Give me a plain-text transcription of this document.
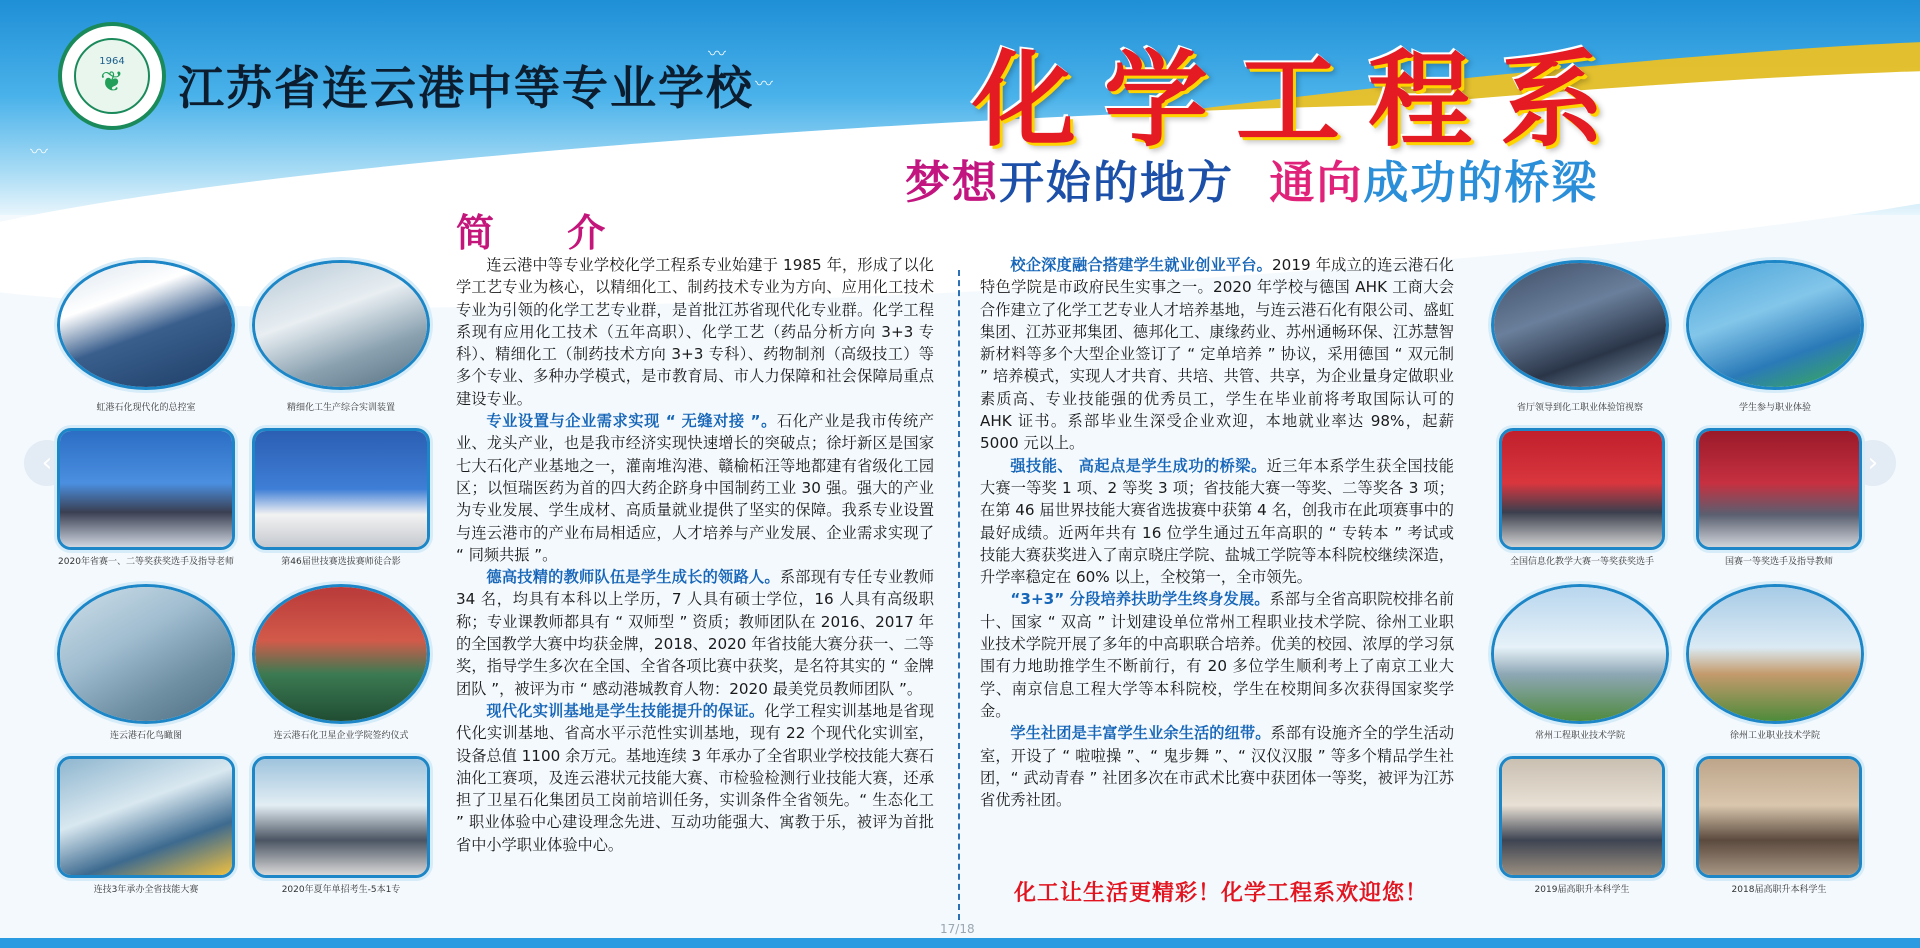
〰
〰
〰
1964
❦ 江苏省连云港中等专业学校 化学工程系
梦想开始的地方 通向成功的桥梁
‹	›
虹港石化现代化的总控室	精细化工生产综合实训装置
2020年省赛一、二等奖获奖选手及指导老师	第46届世技赛选拔赛师徒合影
连云港石化鸟瞰图	连云港石化卫星企业学院签约仪式
连技3年承办全省技能大赛	2020年夏年单招考生-5本1专
简 介

连云港中等专业学校化学工程系专业始建于 1985 年，形成了以化学工艺专业为核心，以精细化工、制药技术专业为方向、应用化工技术专业为引领的化学工艺专业群，是首批江苏省现代化专业群。化学工程系现有应用化工技术（五年高职）、化学工艺（药品分析方向 3+3 专科）、精细化工（制药技术方向 3+3 专科）、药物制剂（高级技工）等多个专业、多种办学模式，是市教育局、市人力保障和社会保障局重点建设专业。

专业设置与企业需求实现 “ 无缝对接 ”。石化产业是我市传统产业、龙头产业，也是我市经济实现快速增长的突破点；徐圩新区是国家七大石化产业基地之一，灌南堆沟港、赣榆柘汪等地都建有省级化工园区；以恒瑞医药为首的四大药企跻身中国制药工业 30 强。强大的产业为专业发展、学生成材、高质量就业提供了坚实的保障。我系专业设置与连云港市的产业布局相适应，人才培养与产业发展、企业需求实现了 “ 同频共振 ”。

德高技精的教师队伍是学生成长的领路人。系部现有专任专业教师 34 名，均具有本科以上学历，7 人具有硕士学位，16 人具有高级职称；专业课教师都具有 “ 双师型 ” 资质；教师团队在 2016、2017 年的全国教学大赛中均获金牌，2018、2020 年省技能大赛分获一、二等奖，指导学生多次在全国、全省各项比赛中获奖，是名符其实的 “ 金牌团队 ”，被评为市 “ 感动港城教育人物：2020 最美党员教师团队 ”。

现代化实训基地是学生技能提升的保证。化学工程实训基地是省现代化实训基地、省高水平示范性实训基地，现有 22 个现代化实训室，设备总值 1100 余万元。基地连续 3 年承办了全省职业学校技能大赛石油化工赛项，及连云港状元技能大赛、市检验检测行业技能大赛，还承担了卫星石化集团员工岗前培训任务，实训条件全省领先。“ 生态化工 ” 职业体验中心建设理念先进、互动功能强大、寓教于乐，被评为首批省中小学职业体验中心。

校企深度融合搭建学生就业创业平台。2019 年成立的连云港石化特色学院是市政府民生实事之一。2020 年学校与德国 AHK 工商大会合作建立了化学工艺专业人才培养基地，与连云港石化有限公司、盛虹集团、江苏亚邦集团、德邦化工、康缘药业、苏州通畅环保、江苏慧智新材料等多个大型企业签订了 “ 定单培养 ” 协议，采用德国 “ 双元制 ” 培养模式，实现人才共育、共培、共管、共享，为企业量身定做职业素质高、专业技能强的优秀员工，学生在毕业前将考取国际认可的 AHK 证书。系部毕业生深受企业欢迎，本地就业率达 98%，起薪 5000 元以上。

强技能、 高起点是学生成功的桥梁。近三年本系学生获全国技能大赛一等奖 1 项、2 等奖 3 项；省技能大赛一等奖、二等奖各 3 项；在第 46 届世界技能大赛省选拔赛中获第 4 名，创我市在此项赛事中的最好成绩。近两年共有 16 位学生通过五年高职的 “ 专转本 ” 考试或技能大赛获奖进入了南京晓庄学院、盐城工学院等本科院校继续深造，升学率稳定在 60% 以上，全校第一，全市领先。

“3+3” 分段培养扶助学生终身发展。系部与全省高职院校排名前十、国家 “ 双高 ” 计划建设单位常州工程职业技术学院、徐州工业职业技术学院开展了多年的中高职联合培养。优美的校园、浓厚的学习氛围有力地助推学生不断前行，有 20 多位学生顺利考上了南京工业大学、南京信息工程大学等本科院校，学生在校期间多次获得国家奖学金。

学生社团是丰富学生业余生活的纽带。系部有设施齐全的学生活动室，开设了 “ 啦啦操 ”、“ 鬼步舞 ”、“ 汉仪汉服 ” 等多个精品学生社团，“ 武动青春 ” 社团多次在市武术比赛中获团体一等奖，被评为江苏省优秀社团。

化工让生活更精彩！化学工程系欢迎您！
省厅领导到化工职业体验馆视察	学生参与职业体验
全国信息化教学大赛一等奖获奖选手	国赛一等奖选手及指导教师
常州工程职业技术学院	徐州工业职业技术学院
2019届高职升本科学生	2018届高职升本科学生
17/18
